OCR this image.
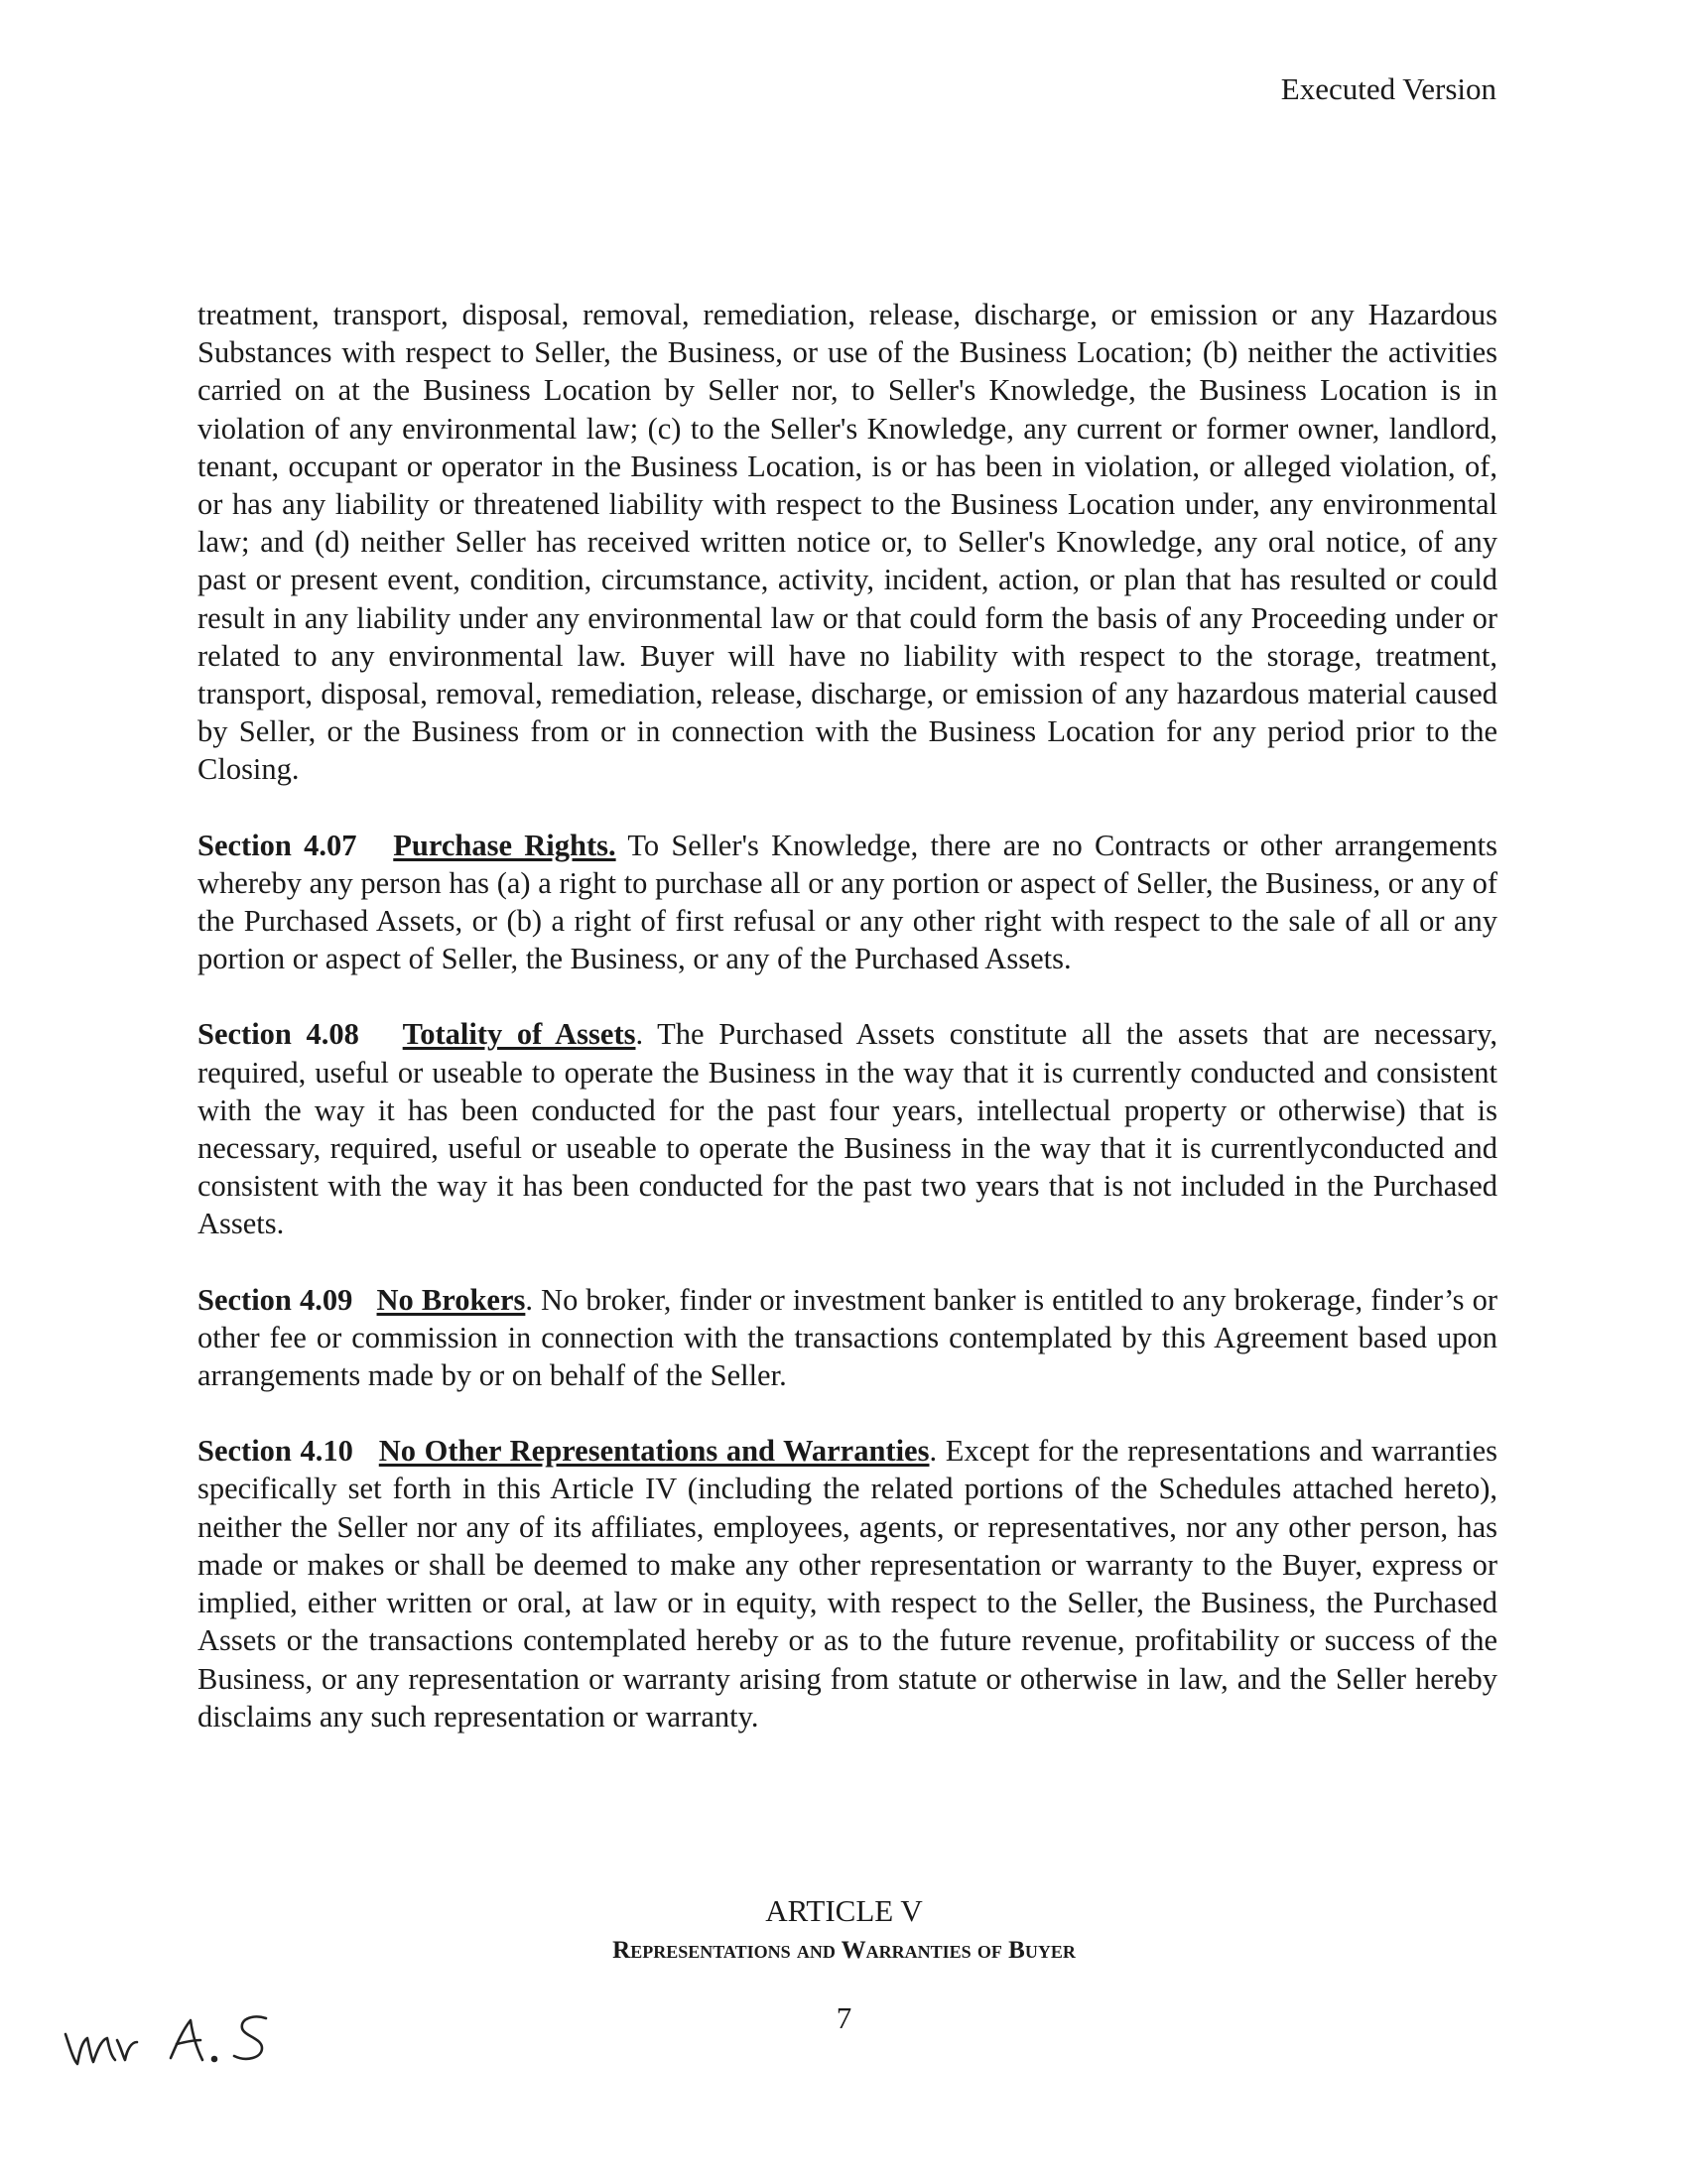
Executed Version

treatment, transport, disposal, removal, remediation, release, discharge, or emission or any Hazardous Substances with respect to Seller, the Business, or use of the Business Location; (b) neither the activities carried on at the Business Location by Seller nor, to Seller's Knowledge, the Business Location is in violation of any environmental law; (c) to the Seller's Knowledge, any current or former owner, landlord, tenant, occupant or operator in the Business Location, is or has been in violation, or alleged violation, of, or has any liability or threatened liability with respect to the Business Location under, any environmental law; and (d) neither Seller has received written notice or, to Seller's Knowledge, any oral notice, of any past or present event, condition, circumstance, activity, incident, action, or plan that has resulted or could result in any liability under any environmental law or that could form the basis of any Proceeding under or related to any environmental law. Buyer will have no liability with respect to the storage, treatment, transport, disposal, removal, remediation, release, discharge, or emission of any hazardous material caused by Seller, or the Business from or in connection with the Business Location for any period prior to the Closing.

Section 4.07 Purchase Rights. To Seller's Knowledge, there are no Contracts or other arrangements whereby any person has (a) a right to purchase all or any portion or aspect of Seller, the Business, or any of the Purchased Assets, or (b) a right of first refusal or any other right with respect to the sale of all or any portion or aspect of Seller, the Business, or any of the Purchased Assets.

Section 4.08 Totality of Assets. The Purchased Assets constitute all the assets that are necessary, required, useful or useable to operate the Business in the way that it is currently conducted and consistent with the way it has been conducted for the past four years, intellectual property or otherwise) that is necessary, required, useful or useable to operate the Business in the way that it is currentlyconducted and consistent with the way it has been conducted for the past two years that is not included in the Purchased Assets.

Section 4.09 No Brokers. No broker, finder or investment banker is entitled to any brokerage, finder’s or other fee or commission in connection with the transactions contemplated by this Agreement based upon arrangements made by or on behalf of the Seller.

Section 4.10 No Other Representations and Warranties. Except for the representations and warranties specifically set forth in this Article IV (including the related portions of the Schedules attached hereto), neither the Seller nor any of its affiliates, employees, agents, or representatives, nor any other person, has made or makes or shall be deemed to make any other representation or warranty to the Buyer, express or implied, either written or oral, at law or in equity, with respect to the Seller, the Business, the Purchased Assets or the transactions contemplated hereby or as to the future revenue, profitability or success of the Business, or any representation or warranty arising from statute or otherwise in law, and the Seller hereby disclaims any such representation or warranty.

ARTICLE V
Representations and Warranties of Buyer
7
